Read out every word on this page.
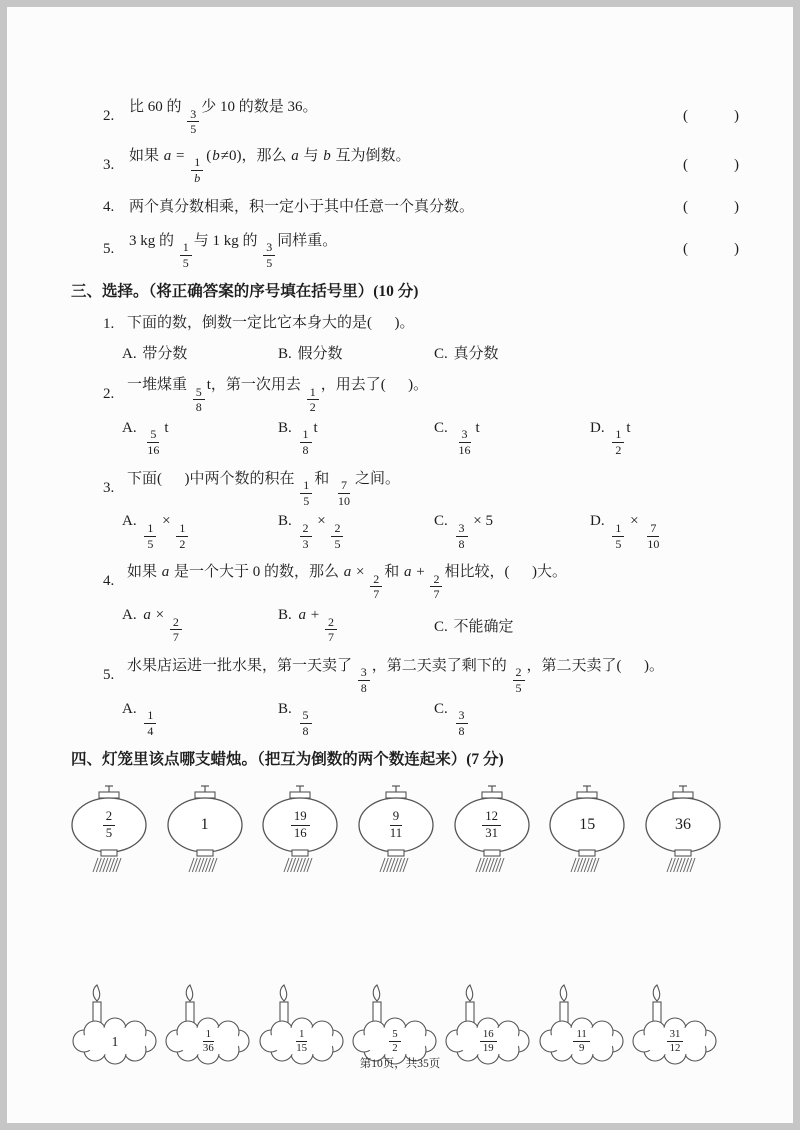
2.
比 60 的
$\frac{3}{5}$
少 10 的数是 36。
(	)
3.
如果 a =
$\frac{1}{b}$
(b≠0)，那么 a 与 b 互为倒数。
(	)
4. 两个真分数相乘，积一定小于其中任意一个真分数。	(	)
5.
3 kg 的
$\frac{1}{5}$
与 1 kg 的
$\frac{3}{5}$
同样重。
(	)
三、选择。（将正确答案的序号填在括号里）(10 分)
1. 下面的数，倒数一定比它本身大的是(      )。
A. 带分数	B. 假分数	C. 真分数
2.
一堆煤重
$\frac{5}{8}$
t，第一次用去
$\frac{1}{2}$
，用去了(      )。
A.
$\frac{5}{16}$
t	B.
$\frac{1}{8}$
t	C.
$\frac{3}{16}$
t	D.
$\frac{1}{2}$
t
3.
下面(      )中两个数的积在
$\frac{1}{5}$
和
$\frac{7}{10}$
之间。
A.
$\frac{1}{5}$
×
$\frac{1}{2}$
B.
$\frac{2}{3}$
×
$\frac{2}{5}$
C.
$\frac{3}{8}$
× 5	D.
$\frac{1}{5}$
×
$\frac{7}{10}$
4.
如果 a 是一个大于 0 的数，那么 a ×
$\frac{2}{7}$
和 a +
$\frac{2}{7}$
相比较，(      )大。
A. a ×
$\frac{2}{7}$
B. a +
$\frac{2}{7}$	C. 不能确定
5.
水果店运进一批水果，第一天卖了
$\frac{3}{8}$
，第二天卖了剩下的
$\frac{2}{5}$
，第二天卖了(      )。
A.
$\frac{1}{4}$
B.
$\frac{5}{8}$
C.
$\frac{3}{8}$
四、灯笼里该点哪支蜡烛。（把互为倒数的两个数连起来）(7 分)
$\frac{2}{5}$	1	$\frac{19}{16}$	$\frac{9}{11}$	$\frac{12}{31}$	15	36
1	$\frac{1}{36}$	$\frac{1}{15}$	$\frac{5}{2}$	$\frac{16}{19}$	$\frac{11}{9}$	$\frac{31}{12}$
第10页，共35页
